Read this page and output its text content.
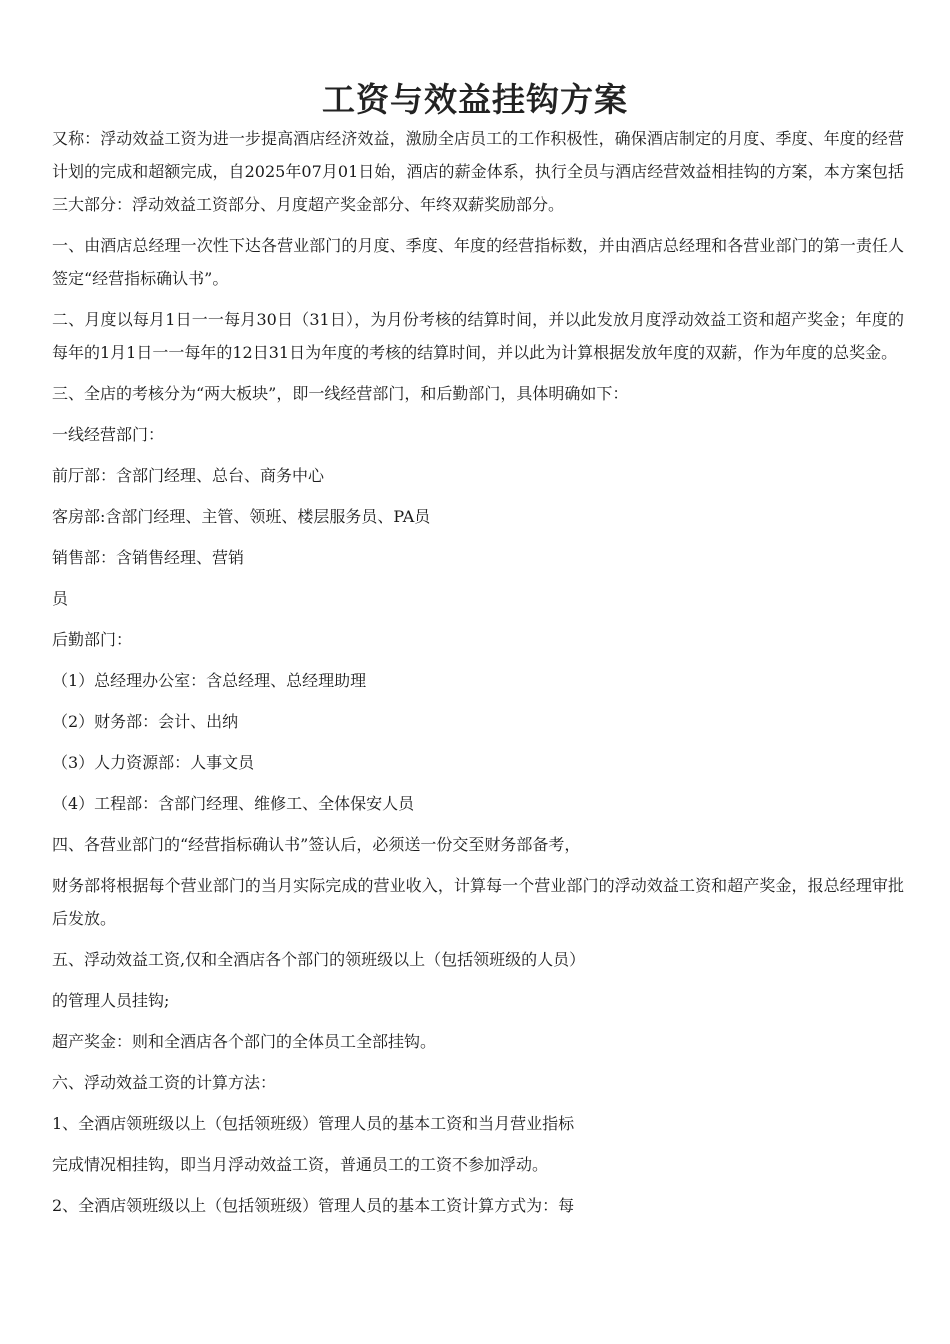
工资与效益挂钩方案

又称：浮动效益工资为进一步提高酒店经济效益，激励全店员工的工作积极性，确保酒店制定的月度、季度、年度的经营计划的完成和超额完成，自2025年07月01日始，酒店的薪金体系，执行全员与酒店经营效益相挂钩的方案，本方案包括三大部分：浮动效益工资部分、月度超产奖金部分、年终双薪奖励部分。

一、由酒店总经理一次性下达各营业部门的月度、季度、年度的经营指标数，并由酒店总经理和各营业部门的第一责任人签定“经营指标确认书”。

二、月度以每月1日一一每月30日（31日），为月份考核的结算时间，并以此发放月度浮动效益工资和超产奖金；年度的每年的1月1日一一每年的12日31日为年度的考核的结算时间，并以此为计算根据发放年度的双薪，作为年度的总奖金。

三、全店的考核分为“两大板块”，即一线经营部门，和后勤部门，具体明确如下：

一线经营部门：

前厅部：含部门经理、总台、商务中心

客房部:含部门经理、主管、领班、楼层服务员、PA员

销售部：含销售经理、营销

员

后勤部门：

（1）总经理办公室：含总经理、总经理助理

（2）财务部：会计、出纳

（3）人力资源部：人事文员

（4）工程部：含部门经理、维修工、全体保安人员

四、各营业部门的“经营指标确认书”签认后，必须送一份交至财务部备考，

财务部将根据每个营业部门的当月实际完成的营业收入，计算每一个营业部门的浮动效益工资和超产奖金，报总经理审批后发放。

五、浮动效益工资,仅和全酒店各个部门的领班级以上（包括领班级的人员）

的管理人员挂钩;

超产奖金：则和全酒店各个部门的全体员工全部挂钩。

六、浮动效益工资的计算方法：

1、全酒店领班级以上（包括领班级）管理人员的基本工资和当月营业指标

完成情况相挂钩，即当月浮动效益工资，普通员工的工资不参加浮动。

2、全酒店领班级以上（包括领班级）管理人员的基本工资计算方式为：每
